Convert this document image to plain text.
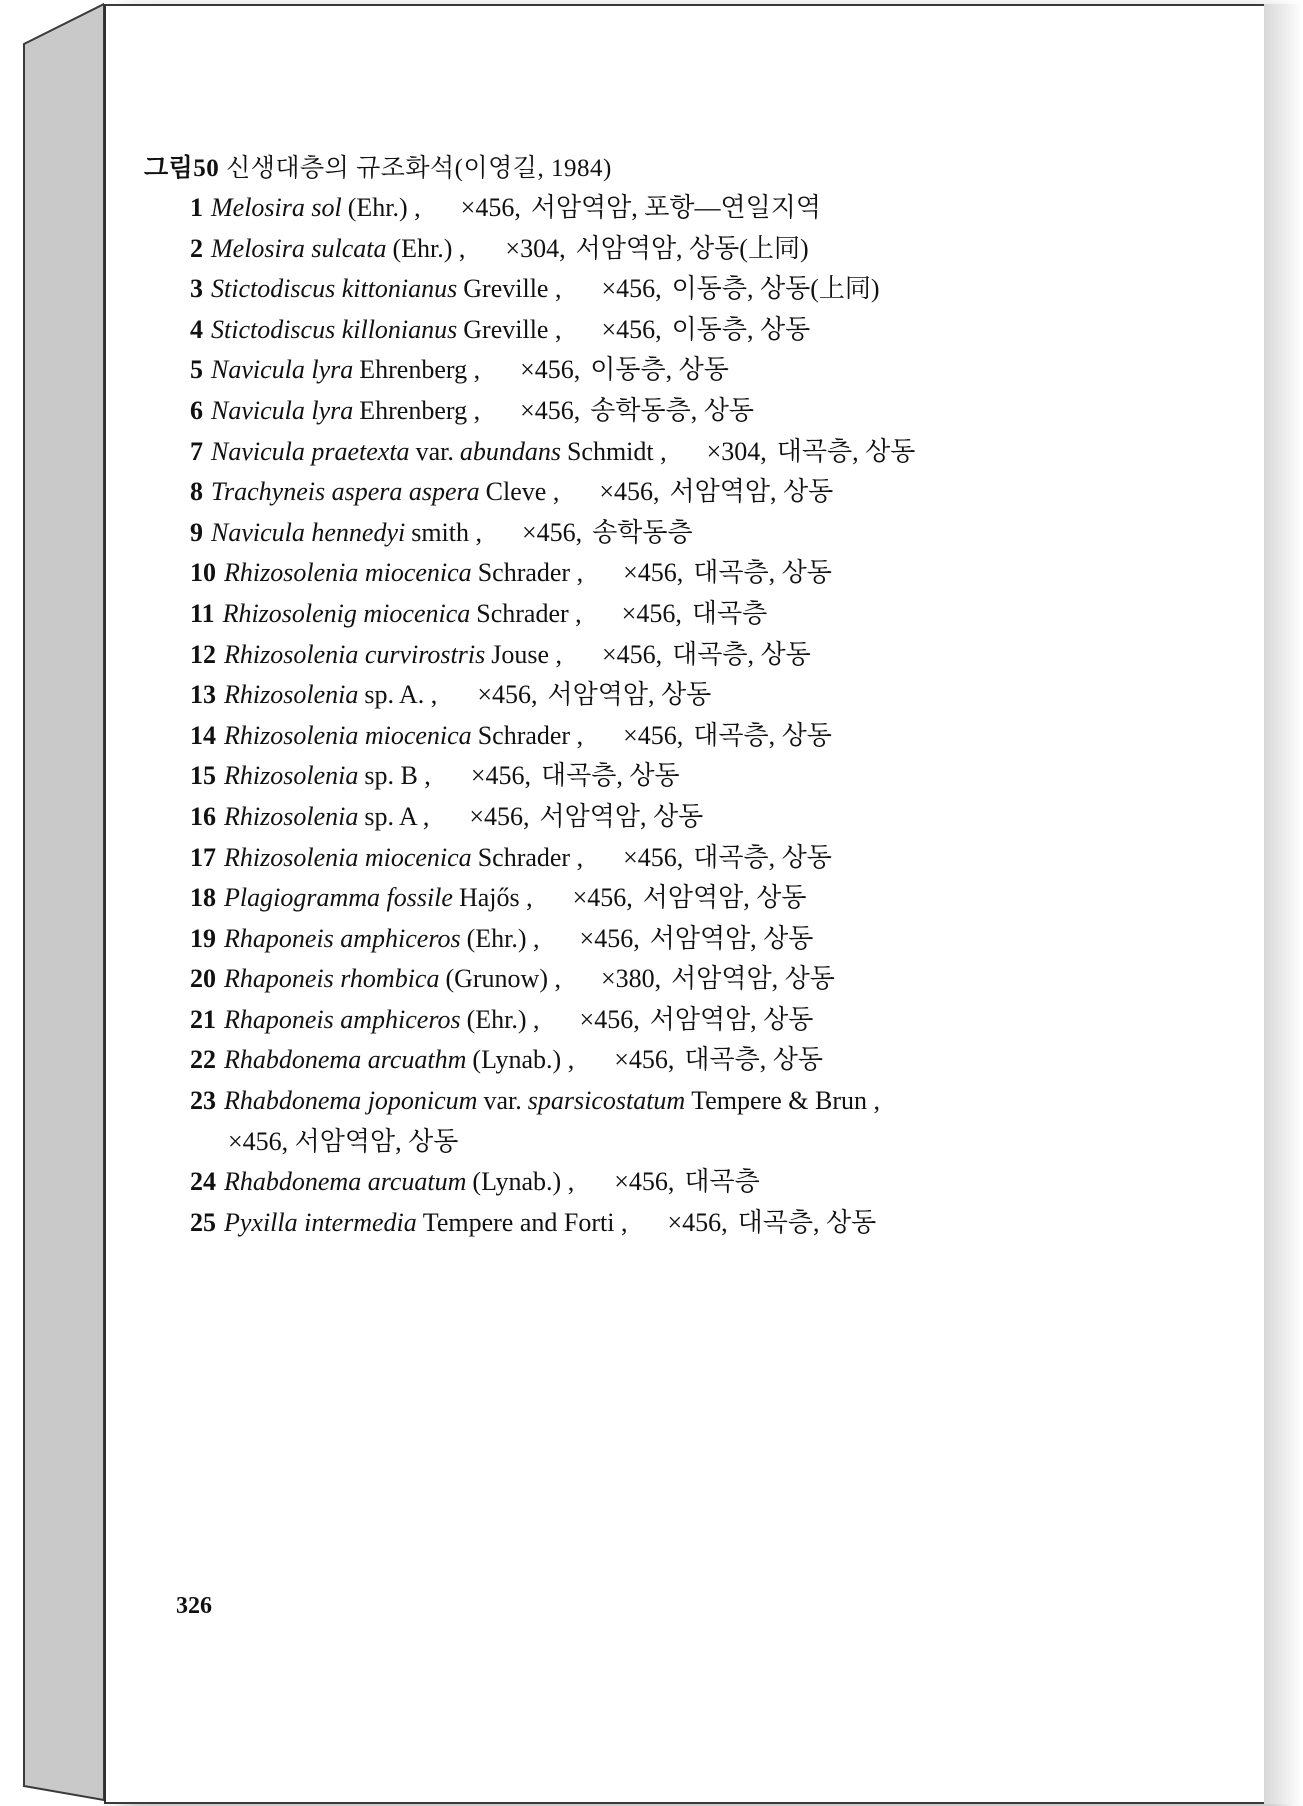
그림50 신생대층의 규조화석(이영길, 1984)
1 Melosira sol (Ehr.) , ×456, 서암역암, 포항—연일지역
2 Melosira sulcata (Ehr.) , ×304, 서암역암, 상동(上同)
3 Stictodiscus kittonianus Greville , ×456, 이동층, 상동(上同)
4 Stictodiscus killonianus Greville , ×456, 이동층, 상동
5 Navicula lyra Ehrenberg , ×456, 이동층, 상동
6 Navicula lyra Ehrenberg , ×456, 송학동층, 상동
7 Navicula praetexta var. abundans Schmidt , ×304, 대곡층, 상동
8 Trachyneis aspera aspera Cleve , ×456, 서암역암, 상동
9 Navicula hennedyi smith , ×456, 송학동층
10 Rhizosolenia miocenica Schrader , ×456, 대곡층, 상동
11 Rhizosolenig miocenica Schrader , ×456, 대곡층
12 Rhizosolenia curvirostris Jouse , ×456, 대곡층, 상동
13 Rhizosolenia sp. A. , ×456, 서암역암, 상동
14 Rhizosolenia miocenica Schrader , ×456, 대곡층, 상동
15 Rhizosolenia sp. B , ×456, 대곡층, 상동
16 Rhizosolenia sp. A , ×456, 서암역암, 상동
17 Rhizosolenia miocenica Schrader , ×456, 대곡층, 상동
18 Plagiogramma fossile Hajős , ×456, 서암역암, 상동
19 Rhaponeis amphiceros (Ehr.) , ×456, 서암역암, 상동
20 Rhaponeis rhombica (Grunow) , ×380, 서암역암, 상동
21 Rhaponeis amphiceros (Ehr.) , ×456, 서암역암, 상동
22 Rhabdonema arcuathm (Lynab.) , ×456, 대곡층, 상동
23 Rhabdonema joponicum var. sparsicostatum Tempere & Brun ,
×456, 서암역암, 상동
24 Rhabdonema arcuatum (Lynab.) , ×456, 대곡층
25 Pyxilla intermedia Tempere and Forti , ×456, 대곡층, 상동
326
